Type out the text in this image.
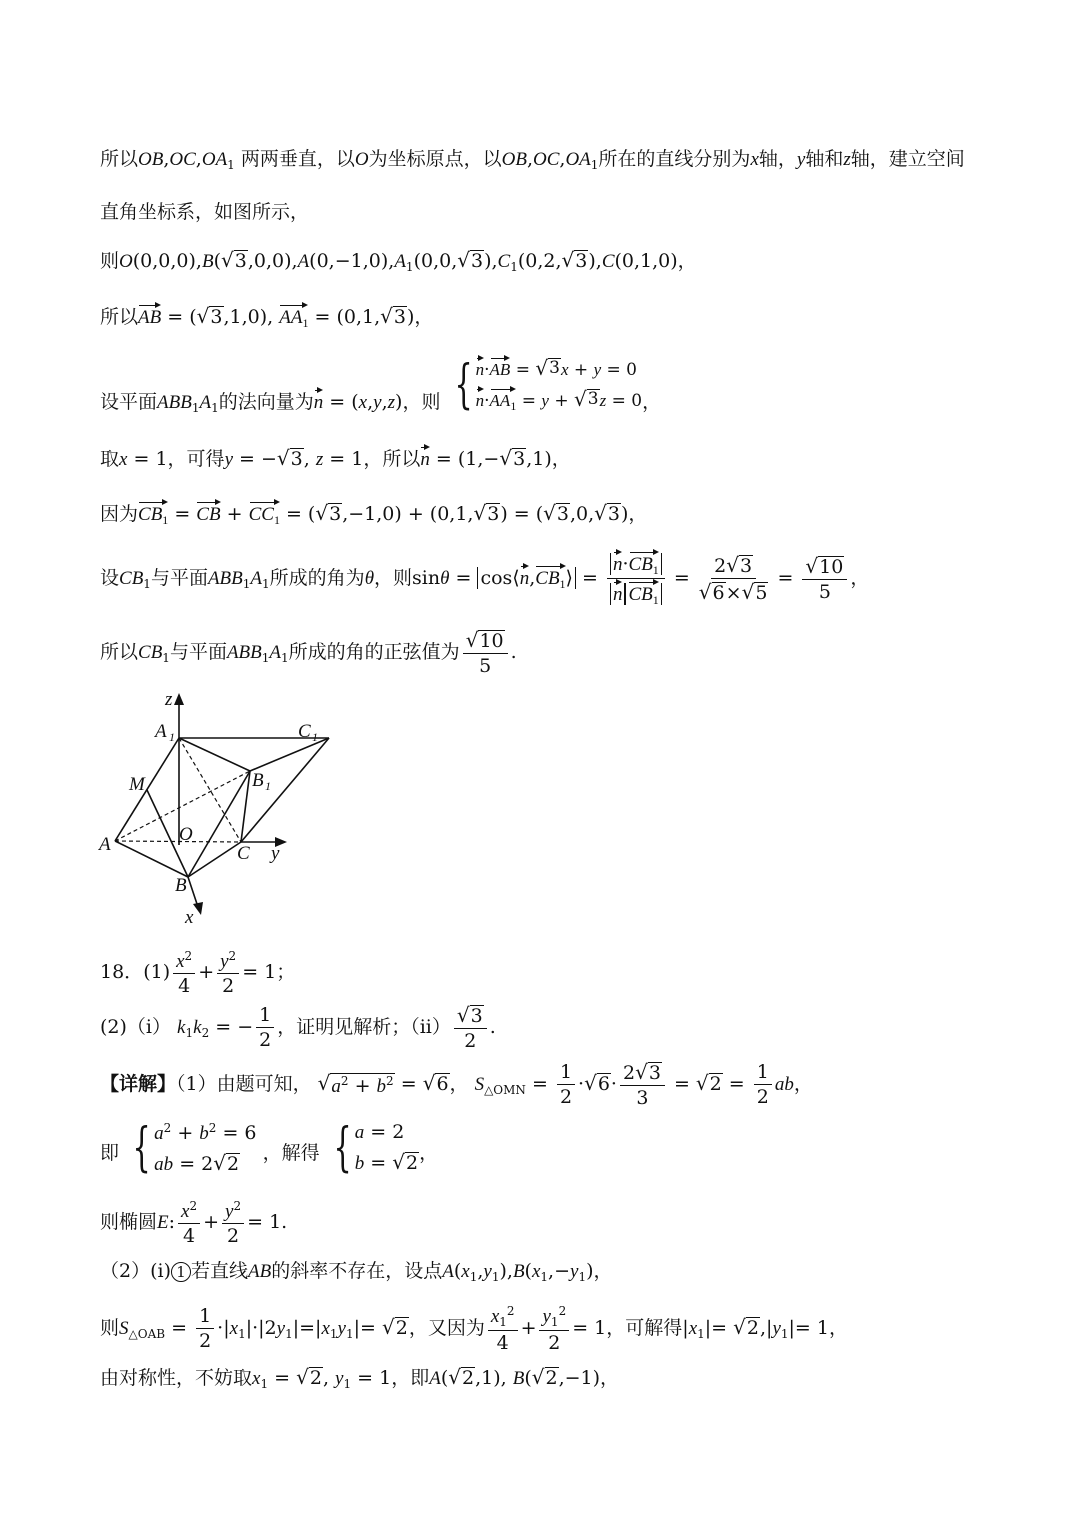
所以$OB,OC,OA_1$ 两两垂直，以O为坐标原点，以$OB,OC,OA_1$所在的直线分别为x轴，y轴和z轴，建立空间
直角坐标系，如图所示，
则O(0,0,0),B( √ 3 $,0,0),A(0,-1,0),A_1(0,0$, √ 3 )$,C_1(0,2$, √ 3 ),C(0,1,0)，
所以AB = ( √ 3 ,1,0), $AA_1 = (0,1$, √ 3 )，
设平面$ABB_1A_1$的法向量为n = (x,y,z)，则 { n·AB = √ 3 x + y = 0
$n\cdot AA_1 = y$ + √ 3 z = 0 ，
取x = 1，可得y = − √ 3 , z = 1，所以n = (1,− √ 3 ,1)，
因为$CB_1$ = CB + $CC_1$ = ( √ 3 ,−1,0) + (0,1, √ 3 ) = ( √ 3 ,0, √ 3 )，
设$CB_1$与平面$ABB_1A_1$所成的角为θ，则$\sin\theta = \cos⟨n,CB_1⟩ = \frac{n\cdot CB_1}{n CB_1} = \frac{2 √ 3}{√ 6 \times √ 5} = \frac{√ 10}{5}$ ，
所以$CB_1$与平面$ABB_1A_1$所成的角的正弦值为 $\frac{√ 10}{5}$ .
z
A 1	C 1
B 1
M
A	O
C y
B
x
18．$(1) \frac{x^2}{4} + \frac{y^2}{2} = 1$；
(2)（i） $k_1k_2$ = − $\frac{1}{2}$ ，证明见解析；$(ii) \frac{√ 3}{2}$ .
【详解】（1）由题可知， √ $a^2 + b^2$ = √ 6 ， $S_{\triangle OMN} = \frac{1}{2}$ · √ $6 \cdot \frac{2 √ 3}{3}$ = √ $2 = \frac{1}{2}$ ab，
即 { $a^2 + b^2 = 6$
ab = 2 √ 2 ，解得 { a = 2
b = √ 2 ，
则椭圆E: $\frac{x^2}{4} + \frac{y^2}{2} = 1$.
（2）(i) 1 若直线AB的斜率不存在，设点$A(x_1,y_1),B(x_1,-y_1)$，
则$S_{\triangle OAB} = \frac{1}{2} \cdot|x_1|\cdot|2y_1|=|x_1y_1|=$ √ 2 ，又因为 $\frac{x_1^2}{4} + \frac{y_1^2}{2} = 1$，可解得$|x_1|=$ √ 2 $,|y_1|= 1$，
由对称性，不妨取$x_1$ = √ 2 , $y_1 = 1$，即A( √ 2 ,1), B( √ 2 ,−1)，
